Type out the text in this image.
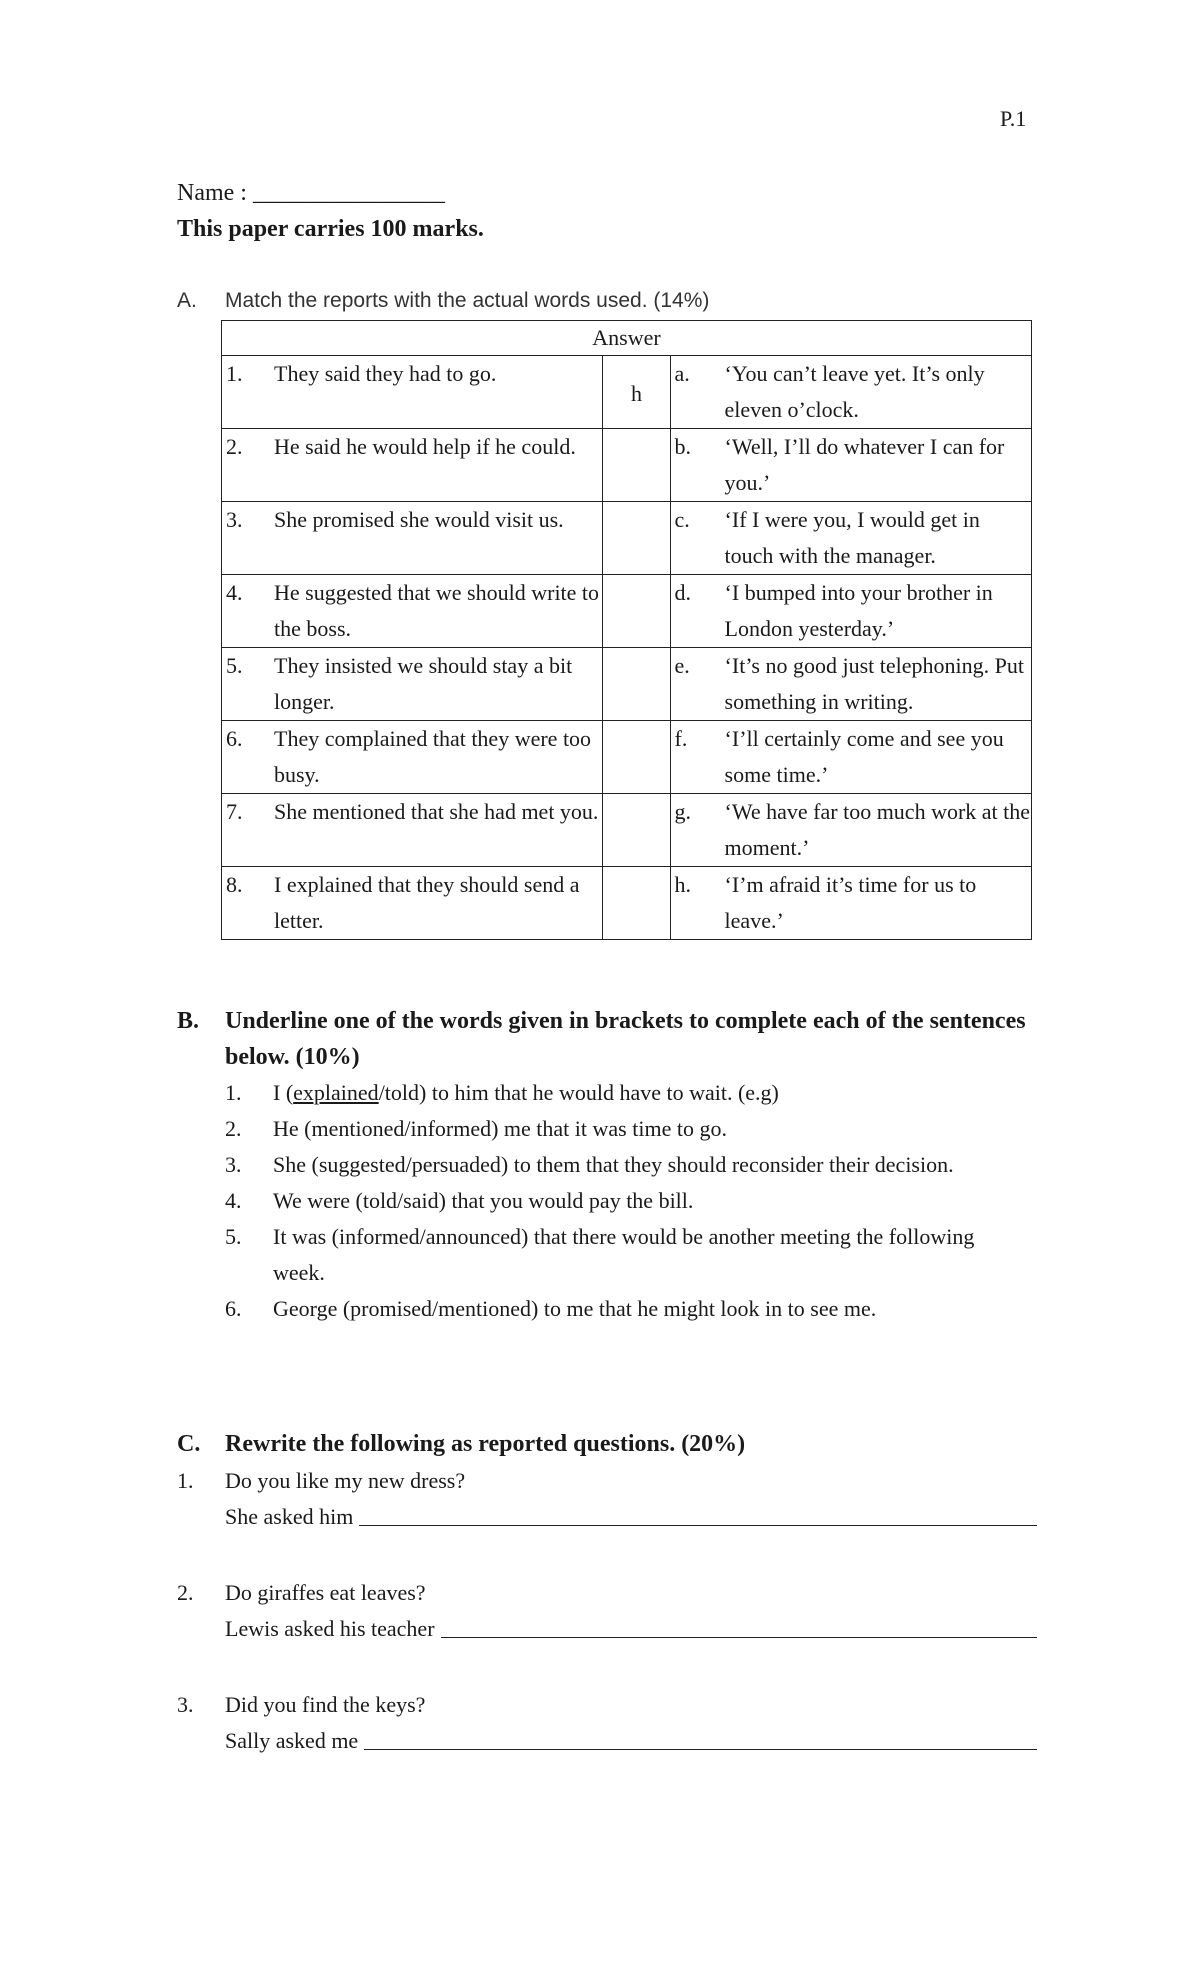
P.1
Name : ________________
This paper carries 100 marks.
A. Match the reports with the actual words used. (14%)
Answer		

1. They said they had to go.	h	a. ‘You can’t leave yet. It’s only eleven o’clock.

2. He said he would help if he could.		b. ‘Well, I’ll do whatever I can for you.’

3. She promised she would visit us.		c. ‘If I were you, I would get in touch with the manager.

4. He suggested that we should write to the boss.		d. ‘I bumped into your brother in London yesterday.’

5. They insisted we should stay a bit longer.		e. ‘It’s no good just telephoning. Put something in writing.

6. They complained that they were too busy.		f. ‘I’ll certainly come and see you some time.’

7. She mentioned that she had met you.		g. ‘We have far too much work at the moment.’

8. I explained that they should send a letter.		h. ‘I’m afraid it’s time for us to leave.’
B. Underline one of the words given in brackets to complete each of the sentences below. (10%)
1.	I (explained/told) to him that he would have to wait. (e.g)
2.	He (mentioned/informed) me that it was time to go.
3.	She (suggested/persuaded) to them that they should reconsider their decision.
4.	We were (told/said) that you would pay the bill.
5.	It was (informed/announced) that there would be another meeting the following week.
6.	George (promised/mentioned) to me that he might look in to see me.
C. Rewrite the following as reported questions. (20%)
1. Do you like my new dress?
She asked him
2. Do giraffes eat leaves?
Lewis asked his teacher
3. Did you find the keys?
Sally asked me
